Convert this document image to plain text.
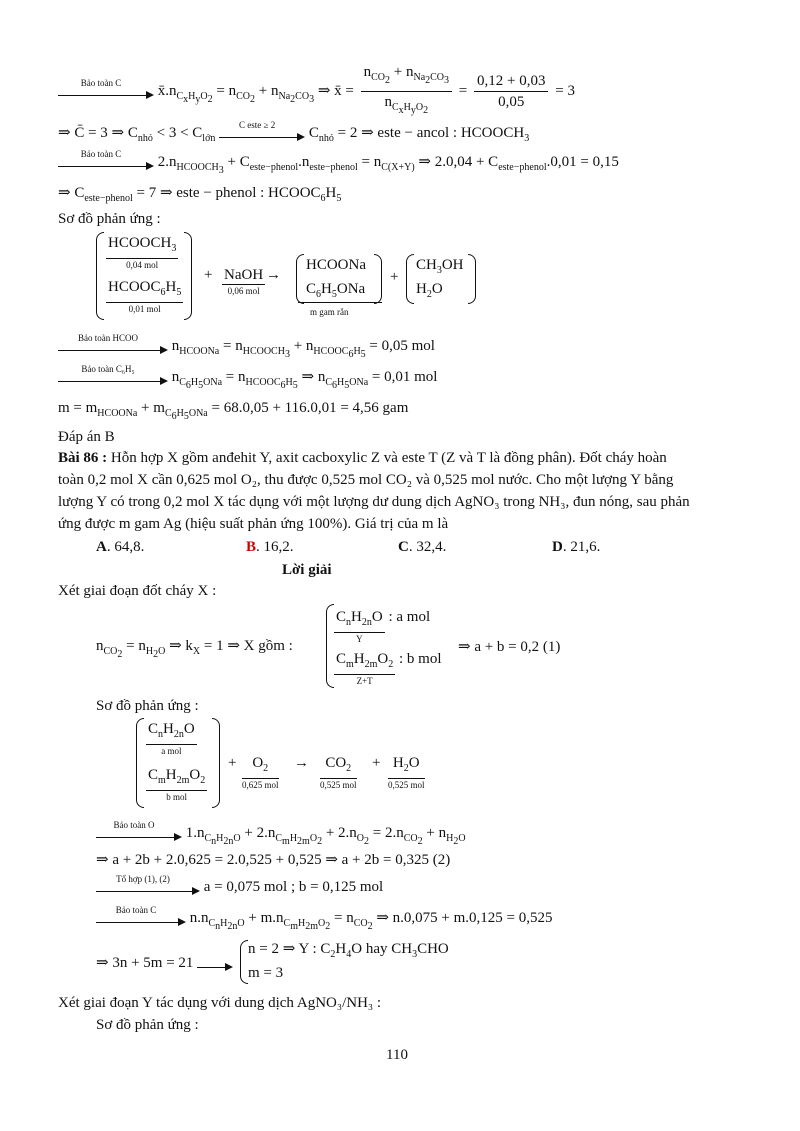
Bảo toàn C
$x̄.n_{C_xH_yO_2} = n_{CO_2} + n_{Na_2CO_3}$ ⇒ x̄ = $\frac{n_{CO_2} + n_{Na_2CO_3}}{n_{C_xH_yO_2}} = \frac{0,12 + 0,03}{0,05} = 3$
⇒ C̄ = 3 ⇒ $C_{nhỏ} < 3 < C_{lớn}$
C este ≥ 2
$C_{nhỏ} = 2$ ⇒ este − ancol : $HCOOCH_3$
Bảo toàn C
$2.n_{HCOOCH_3} + C_{este-phenol}.n_{este-phenol} = n_{C(X+Y)}$ ⇒ $2.0,04 + C_{este-phenol}.0,01 = 0,15$
⇒ $C_{este-phenol} = 7$ ⇒ este − phenol : $HCOOC_6H_5$
Sơ đồ phản ứng :
$HCOOCH_3$
0,04 mol
$HCOOC_6H_5$
0,01 mol
+ NaOH
0,06 mol
→
HCOONa
$C_6H_5ONa$
m gam rắn
+
$CH_3OH$
$H_2O$
Bảo toàn HCOO
$n_{HCOONa} = n_{HCOOCH_3} + n_{HCOOC_6H_5} = 0,05$ mol
Bảo toàn C₆H₅
$n_{C_6H_5ONa} = n_{HCOOC_6H_5}$ ⇒ $n_{C_6H_5ONa} = 0,01$ mol
$m = m_{HCOONa} + m_{C_6H_5ONa} = 68.0,05 + 116.0,01 = 4,56$ gam
Đáp án B
Bài 86 : Hỗn hợp X gồm anđehit Y, axit cacboxylic Z và este T (Z và T là đồng phân). Đốt cháy hoàn
toàn 0,2 mol X cần 0,625 mol O₂, thu được 0,525 mol CO₂ và 0,525 mol nước. Cho một lượng Y bằng
lượng Y có trong 0,2 mol X tác dụng với một lượng dư dung dịch AgNO₃ trong NH₃, đun nóng, sau phản
ứng được m gam Ag (hiệu suất phản ứng 100%). Giá trị của m là
A. 64,8.	B. 16,2.	C. 32,4.	D. 21,6.
Lời giải
Xét giai đoạn đốt cháy X :
$n_{CO_2} = n_{H_2O}$ ⇒ $k_X = 1$ ⇒ X gồm :
$C_nH_{2n}O$
Y
: a mol
$C_mH_{2m}O_2$
Z+T
: b mol
⇒ a + b = 0,2 (1)
Sơ đồ phản ứng :
$C_nH_{2n}O$
a mol
$C_mH_{2m}O_2$
b mol
+	$O_2$
0,625 mol
→	$CO_2$
0,525 mol
+ $H_2O$
0,525 mol
Bảo toàn O
$1.n_{C_nH_{2n}O} + 2.n_{C_mH_{2m}O_2} + 2.n_{O_2} = 2.n_{CO_2} + n_{H_2O}$
⇒ a + 2b + 2.0,625 = 2.0,525 + 0,525 ⇒ a + 2b = 0,325 (2)
Tổ hợp (1), (2)
a = 0,075 mol ; b = 0,125 mol
Bảo toàn C
$n.n_{C_nH_{2n}O} + m.n_{C_mH_{2m}O_2} = n_{CO_2}$ ⇒ n.0,075 + m.0,125 = 0,525
⇒ 3n + 5m = 21
n = 2 ⇒ Y : $C_2H_4O$ hay $CH_3CHO$
m = 3
Xét giai đoạn Y tác dụng với dung dịch AgNO₃/NH₃ :
Sơ đồ phản ứng :
110
